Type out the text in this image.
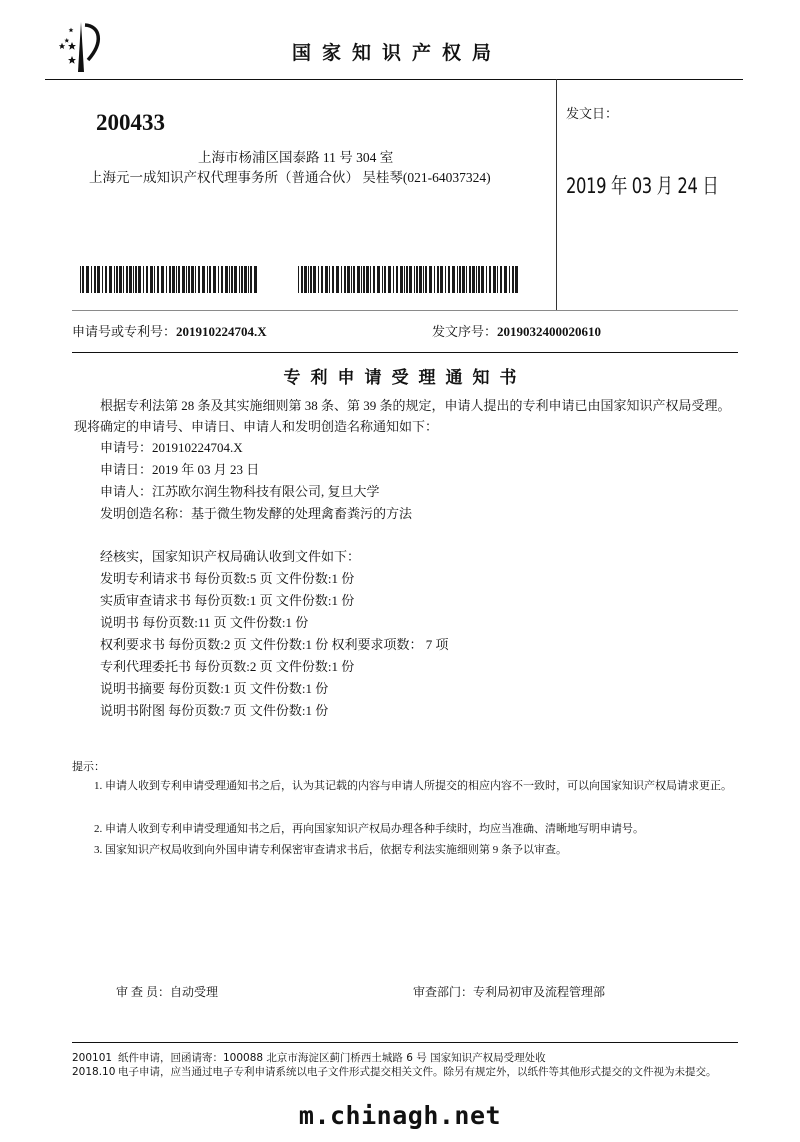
国家知识产权局
200433
上海市杨浦区国泰路 11 号 304 室
上海元一成知识产权代理事务所（普通合伙） 吴桂琴(021-64037324)
发文日：
2019 年 03 月 24 日
申请号或专利号：201910224704.X	发文序号：2019032400020610
专利申请受理通知书
根据专利法第 28 条及其实施细则第 38 条、第 39 条的规定，申请人提出的专利申请已由国家知识产权局受理。现将确定的申请号、申请日、申请人和发明创造名称通知如下：
申请号：201910224704.X
申请日：2019 年 03 月 23 日
申请人：江苏欧尔润生物科技有限公司, 复旦大学
发明创造名称：基于微生物发酵的处理禽畜粪污的方法
经核实，国家知识产权局确认收到文件如下：
发明专利请求书 每份页数:5 页 文件份数:1 份
实质审查请求书 每份页数:1 页 文件份数:1 份
说明书 每份页数:11 页 文件份数:1 份
权利要求书 每份页数:2 页 文件份数:1 份 权利要求项数： 7 项
专利代理委托书 每份页数:2 页 文件份数:1 份
说明书摘要 每份页数:1 页 文件份数:1 份
说明书附图 每份页数:7 页 文件份数:1 份
提示：
1. 申请人收到专利申请受理通知书之后，认为其记载的内容与申请人所提交的相应内容不一致时，可以向国家知识产权局请求更正。
2. 申请人收到专利申请受理通知书之后，再向国家知识产权局办理各种手续时，均应当准确、清晰地写明申请号。
3. 国家知识产权局收到向外国申请专利保密审查请求书后，依据专利法实施细则第 9 条予以审查。
审 查 员：自动受理	审查部门：专利局初审及流程管理部
200101
2018.10
纸件申请，回函请寄：100088 北京市海淀区蓟门桥西土城路 6 号 国家知识产权局受理处收
电子申请，应当通过电子专利申请系统以电子文件形式提交相关文件。除另有规定外，以纸件等其他形式提交的文件视为未提交。
m.chinagh.net
